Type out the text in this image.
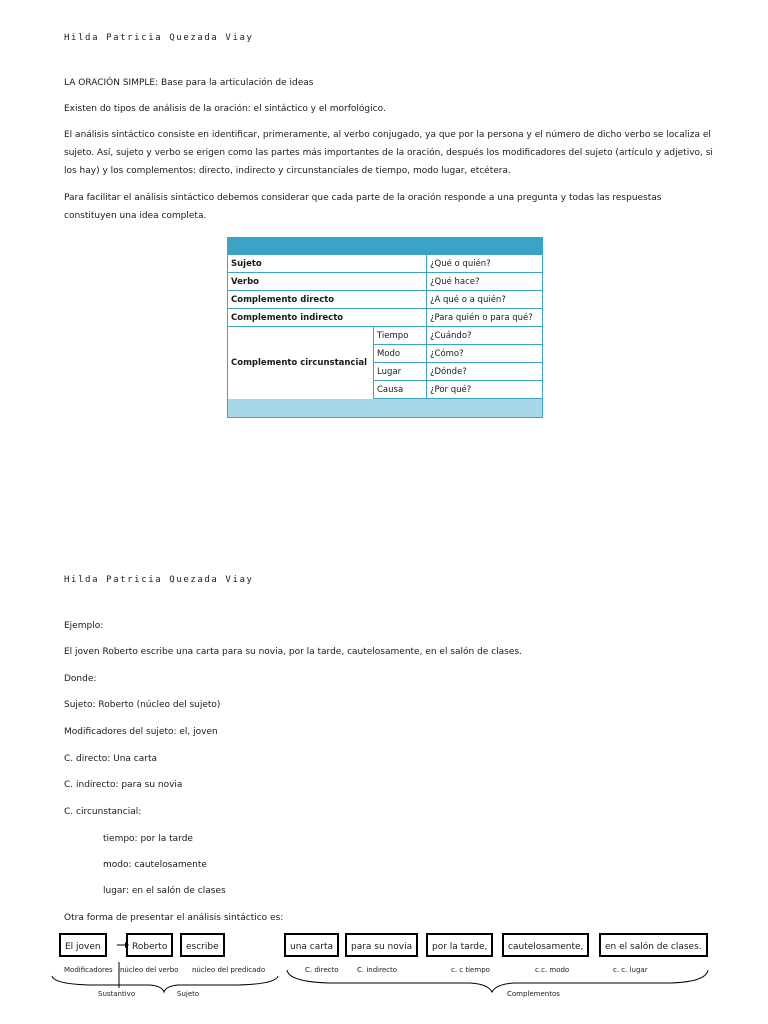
Hilda Patricia Quezada Viay

LA ORACIÓN SIMPLE: Base para la articulación de ideas

Existen do tipos de análisis de la oración: el sintáctico y el morfológico.

El análisis sintáctico consiste en identificar, primeramente, al verbo conjugado, ya que por la persona y el número de dicho verbo se localiza el sujeto. Así, sujeto y verbo se erigen como las partes más importantes de la oración, después los modificadores del sujeto (artículo y adjetivo, si los hay) y los complementos: directo, indirecto y circunstanciales de tiempo, modo lugar, etcétera.

Para facilitar el análisis sintáctico debemos considerar que cada parte de la oración responde a una pregunta y todas las respuestas constituyen una idea completa.

Sujeto		¿Qué o quién?
Verbo		¿Qué hace?
Complemento directo		¿A qué o a quién?
Complemento indirecto		¿Para quién o para qué?
Complemento circunstancial	Tiempo	¿Cuándo?
	Modo	¿Cómo?
	Lugar	¿Dónde?
	Causa	¿Por qué?

Hilda Patricia Quezada Viay

Ejemplo:

El joven Roberto escribe una carta para su novia, por la tarde, cautelosamente, en el salón de clases.

Donde:

Sujeto: Roberto (núcleo del sujeto)

Modificadores del sujeto: el, joven

C. directo: Una carta

C. indirecto: para su novia

C. circunstancial:

tiempo: por la tarde

modo: cautelosamente

lugar: en el salón de clases

Otra forma de presentar el análisis sintáctico es:

El joven	Roberto	escribe	una carta	para su novia	por la tarde,	cautelosamente,	en el salón de clases.
Modificadores núcleo del verbo núcleo del predicado	C. directo	C. indirecto	c. c tiempo	c.c. modo	c. c. lugar
Sustantivo	Sujeto	Complementos
